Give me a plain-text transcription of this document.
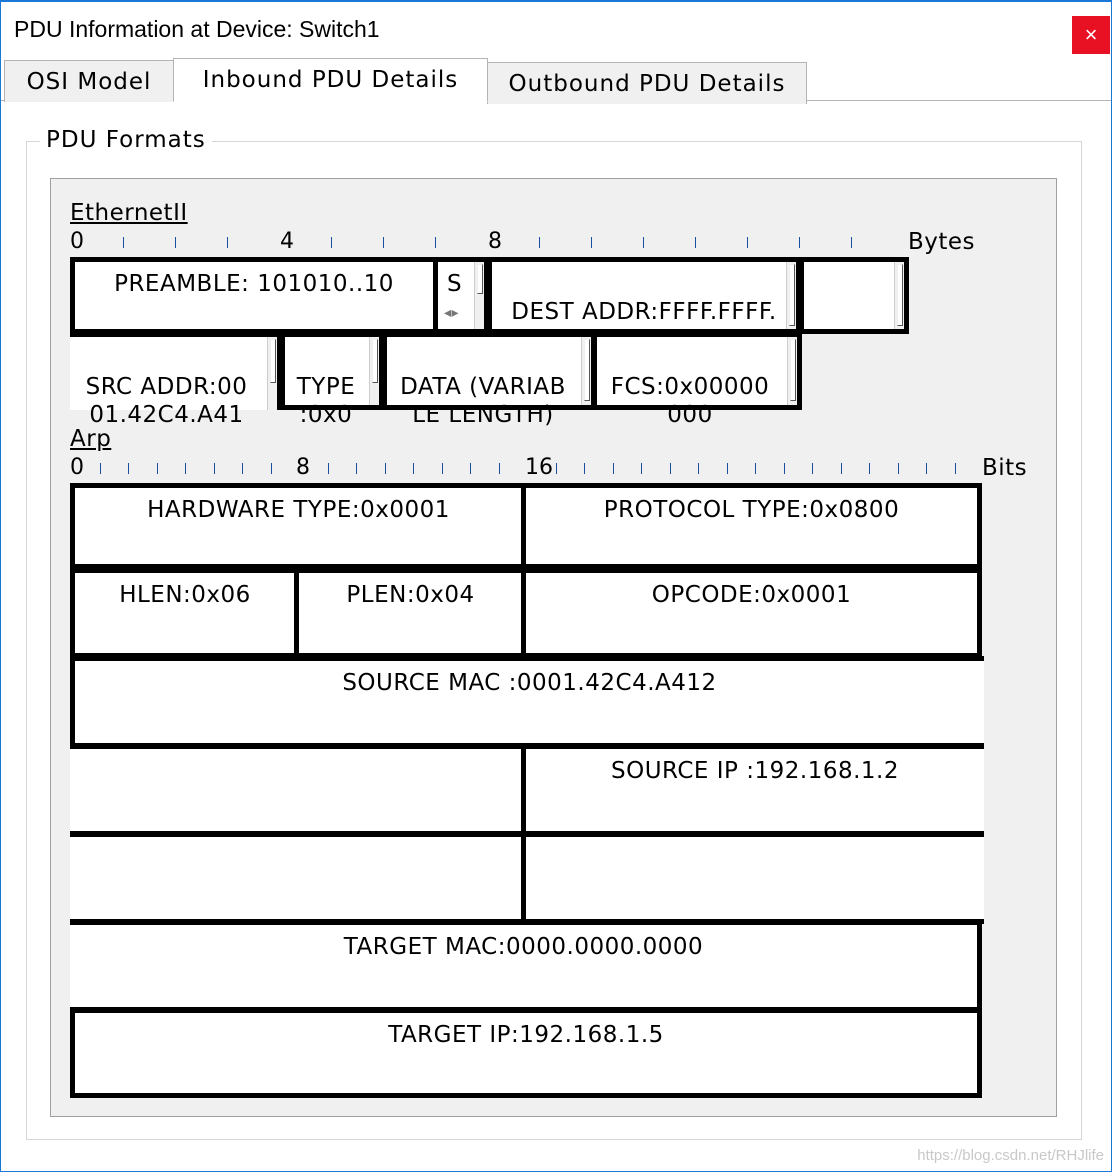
PDU Information at Device: Switch1	×
OSI Model	Outbound PDU Details
Inbound PDU Details
PDU Formats
EthernetII
0	4	8	Bytes
PREAMBLE: 101010..10	S
◂▸	DEST ADDR:FFFF.FFFF.

SRC ADDR:00
01.42C4.A41

TYPE
:0x0

DATA (VARIAB
LE LENGTH)

FCS:0x00000
000

Arp
0	8	16	Bits
HARDWARE TYPE:0x0001	PROTOCOL TYPE:0x0800
HLEN:0x06	PLEN:0x04	OPCODE:0x0001
SOURCE MAC :0001.42C4.A412
SOURCE IP :192.168.1.2
TARGET MAC:0000.0000.0000
TARGET IP:192.168.1.5
https://blog.csdn.net/RHJlife
